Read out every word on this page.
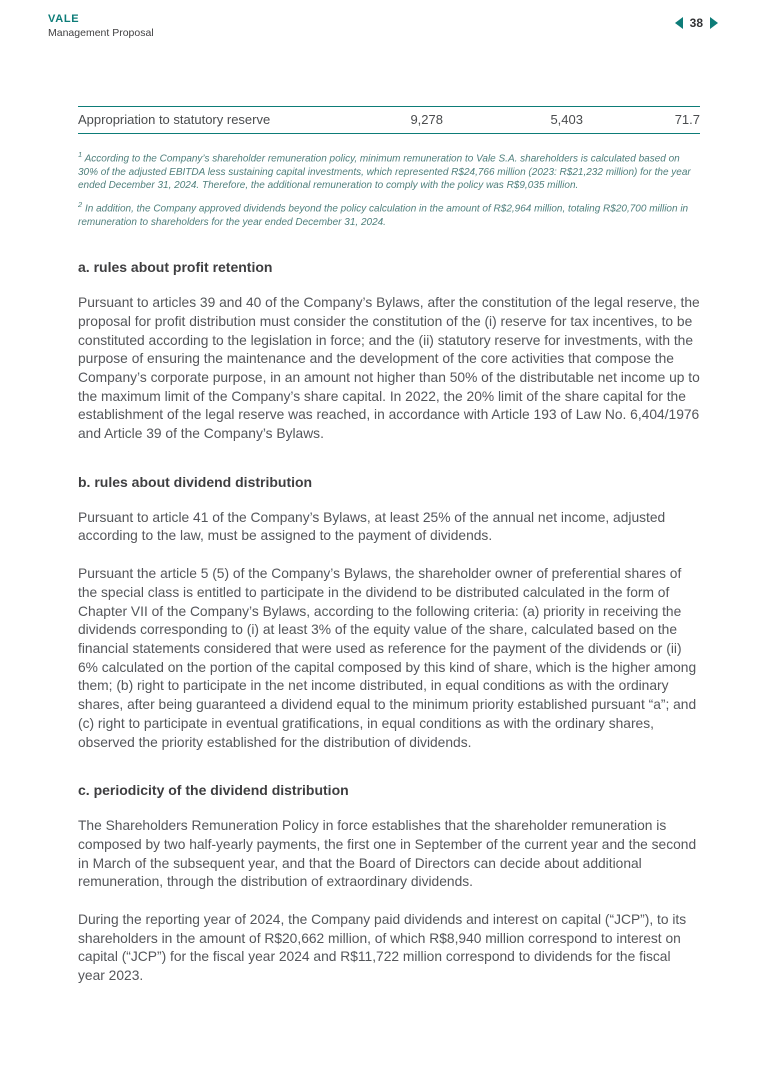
VALE
Management Proposal
38
Appropriation to statutory reserve	9,278	5,403	71.7

$^1$ According to the Company’s shareholder remuneration policy, minimum remuneration to Vale S.A. shareholders is calculated based on 30% of the adjusted EBITDA less sustaining capital investments, which represented R$24,766 million (2023: R$21,232 million) for the year ended December 31, 2024. Therefore, the additional remuneration to comply with the policy was R$9,035 million.

$^2$ In addition, the Company approved dividends beyond the policy calculation in the amount of R$2,964 million, totaling R$20,700 million in remuneration to shareholders for the year ended December 31, 2024.

a. rules about profit retention

Pursuant to articles 39 and 40 of the Company’s Bylaws, after the constitution of the legal reserve, the proposal for profit distribution must consider the constitution of the (i) reserve for tax incentives, to be constituted according to the legislation in force; and the (ii) statutory reserve for investments, with the purpose of ensuring the maintenance and the development of the core activities that compose the Company’s corporate purpose, in an amount not higher than 50% of the distributable net income up to the maximum limit of the Company’s share capital. In 2022, the 20% limit of the share capital for the establishment of the legal reserve was reached, in accordance with Article 193 of Law No. 6,404/1976 and Article 39 of the Company’s Bylaws.

b. rules about dividend distribution

Pursuant to article 41 of the Company’s Bylaws, at least 25% of the annual net income, adjusted according to the law, must be assigned to the payment of dividends.

Pursuant the article 5 (5) of the Company’s Bylaws, the shareholder owner of preferential shares of the special class is entitled to participate in the dividend to be distributed calculated in the form of Chapter VII of the Company’s Bylaws, according to the following criteria: (a) priority in receiving the dividends corresponding to (i) at least 3% of the equity value of the share, calculated based on the financial statements considered that were used as reference for the payment of the dividends or (ii) 6% calculated on the portion of the capital composed by this kind of share, which is the higher among them; (b) right to participate in the net income distributed, in equal conditions as with the ordinary shares, after being guaranteed a dividend equal to the minimum priority established pursuant “a”; and (c) right to participate in eventual gratifications, in equal conditions as with the ordinary shares, observed the priority established for the distribution of dividends.

c. periodicity of the dividend distribution

The Shareholders Remuneration Policy in force establishes that the shareholder remuneration is composed by two half-yearly payments, the first one in September of the current year and the second in March of the subsequent year, and that the Board of Directors can decide about additional remuneration, through the distribution of extraordinary dividends.

During the reporting year of 2024, the Company paid dividends and interest on capital (“JCP”), to its shareholders in the amount of R$20,662 million, of which R$8,940 million correspond to interest on capital (“JCP”) for the fiscal year 2024 and R$11,722 million correspond to dividends for the fiscal year 2023.
